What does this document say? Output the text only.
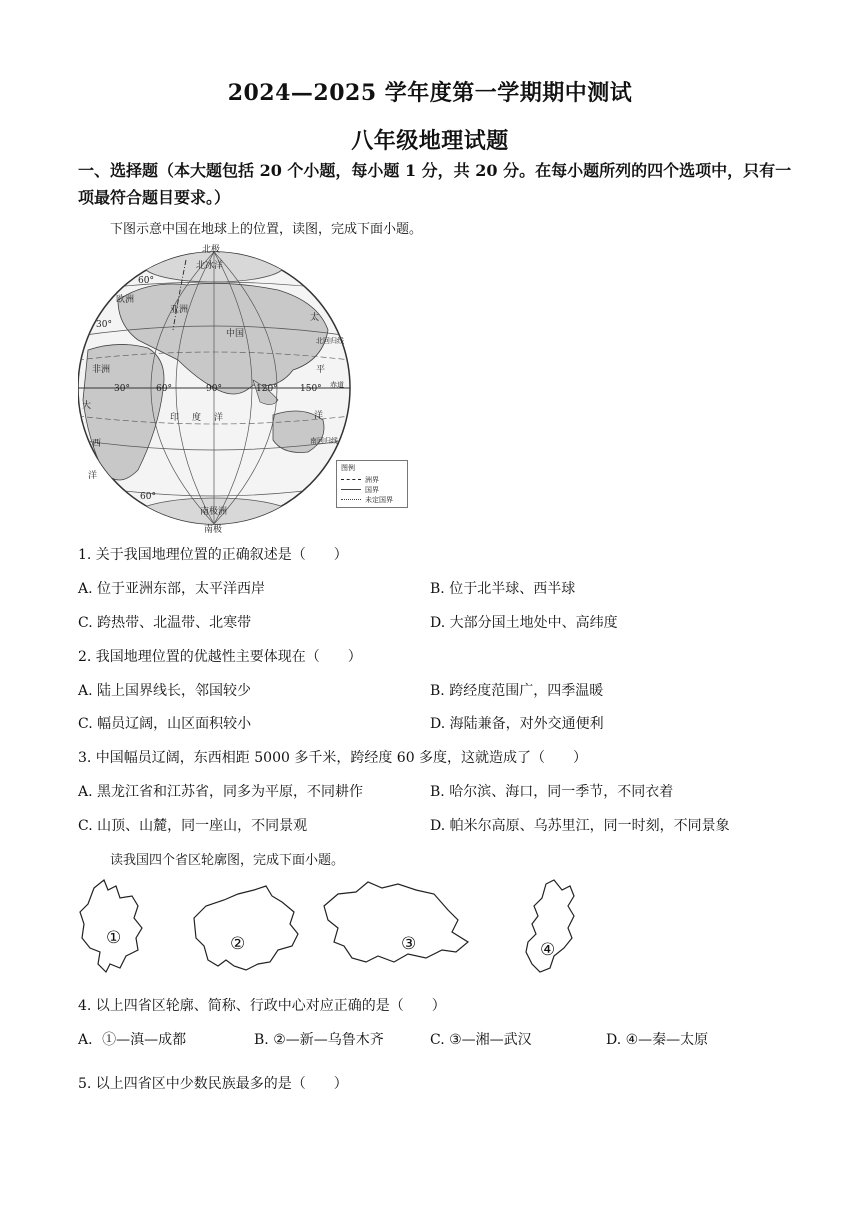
2024—2025 学年度第一学期期中测试
八年级地理试题
一、选择题（本大题包括 20 个小题，每小题 1 分，共 20 分。在每小题所列的四个选项中，只有一项最符合题目要求。）
下图示意中国在地球上的位置，读图，完成下面小题。
北极
北冰洋
欧洲
亚洲
中国
非洲
太
平
洋
印 度 洋
大
西
洋
南极洲
南极
北回归线
赤道
南回归线
60°
30°
60°
30°	60°	90°	120° 150°
图例
洲界
国界
未定国界
1. 关于我国地理位置的正确叙述是（　　）
A. 位于亚洲东部，太平洋西岸	B. 位于北半球、西半球
C. 跨热带、北温带、北寒带	D. 大部分国土地处中、高纬度
2. 我国地理位置的优越性主要体现在（　　）
A. 陆上国界线长，邻国较少	B. 跨经度范围广，四季温暖
C. 幅员辽阔，山区面积较小	D. 海陆兼备，对外交通便利
3. 中国幅员辽阔，东西相距 5000 多千米，跨经度 60 多度，这就造成了（　　）
A. 黑龙江省和江苏省，同多为平原，不同耕作	B. 哈尔滨、海口，同一季节，不同衣着
C. 山顶、山麓，同一座山，不同景观	D. 帕米尔高原、乌苏里江，同一时刻，不同景象
读我国四个省区轮廓图，完成下面小题。
①	②	③	④
4. 以上四省区轮廓、简称、行政中心对应正确的是（　　）
A．①—滇—成都	B. ②—新—乌鲁木齐	C. ③—湘—武汉	D. ④—秦—太原
5. 以上四省区中少数民族最多的是（　　）
